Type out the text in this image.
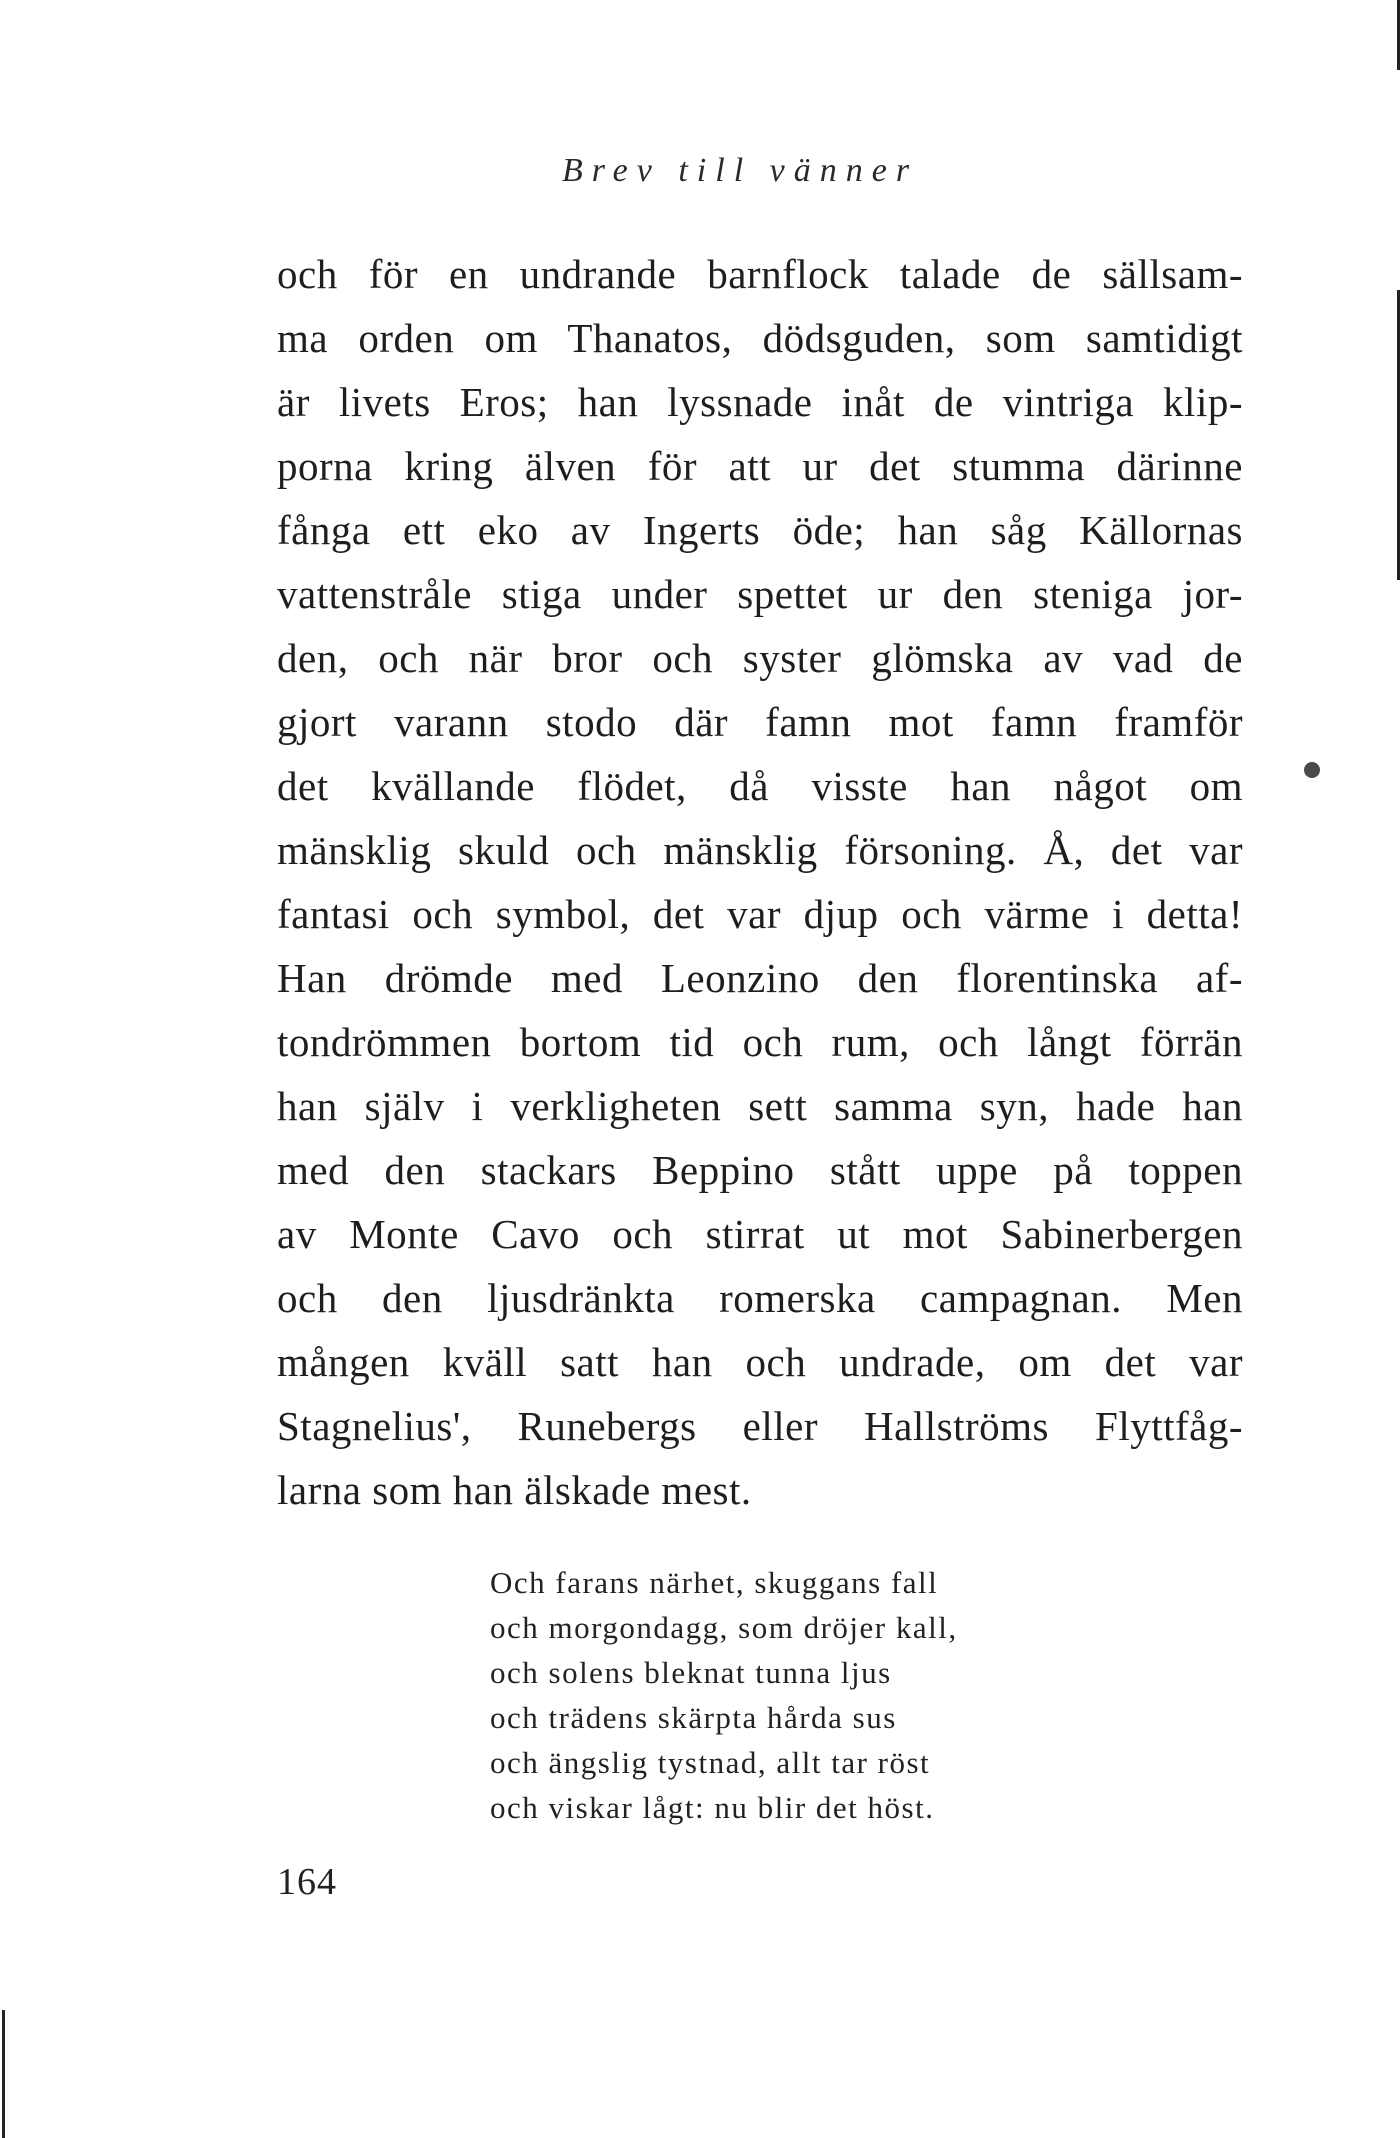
Brev till vänner
och för en undrande barnflock talade de sällsam-
ma orden om Thanatos, dödsguden, som samtidigt
är livets Eros; han lyssnade inåt de vintriga klip-
porna kring älven för att ur det stumma därinne
fånga ett eko av Ingerts öde; han såg Källornas
vattenstråle stiga under spettet ur den steniga jor-
den, och när bror och syster glömska av vad de
gjort varann stodo där famn mot famn framför
det kvällande flödet, då visste han något om
mänsklig skuld och mänsklig försoning. Å, det var
fantasi och symbol, det var djup och värme i detta!
Han drömde med Leonzino den florentinska af-
tondrömmen bortom tid och rum, och långt förrän
han själv i verkligheten sett samma syn, hade han
med den stackars Beppino stått uppe på toppen
av Monte Cavo och stirrat ut mot Sabinerbergen
och den ljusdränkta romerska campagnan. Men
mången kväll satt han och undrade, om det var
Stagnelius', Runebergs eller Hallströms Flyttfåg-
larna som han älskade mest.
Och farans närhet, skuggans fall
och morgondagg, som dröjer kall,
och solens bleknat tunna ljus
och trädens skärpta hårda sus
och ängslig tystnad, allt tar röst
och viskar lågt: nu blir det höst.
164
